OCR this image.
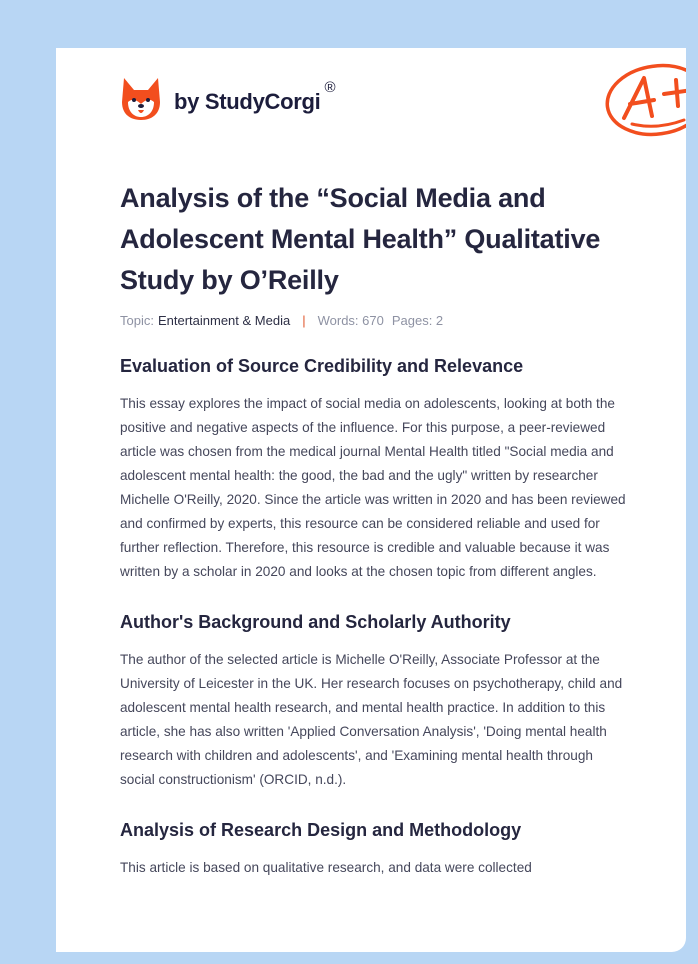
by StudyCorgi
®
Analysis of the “Social Media and Adolescent Mental Health” Qualitative Study by O’Reilly
Topic: Entertainment & Media | Words: 670 Pages: 2
Evaluation of Source Credibility and Relevance

This essay explores the impact of social media on adolescents, looking at both the positive and negative aspects of the influence. For this purpose, a peer-reviewed article was chosen from the medical journal Mental Health titled "Social media and adolescent mental health: the good, the bad and the ugly" written by researcher Michelle O'Reilly, 2020. Since the article was written in 2020 and has been reviewed and confirmed by experts, this resource can be considered reliable and used for further reflection. Therefore, this resource is credible and valuable because it was written by a scholar in 2020 and looks at the chosen topic from different angles.

Author's Background and Scholarly Authority

The author of the selected article is Michelle O'Reilly, Associate Professor at the University of Leicester in the UK. Her research focuses on psychotherapy, child and adolescent mental health research, and mental health practice. In addition to this article, she has also written 'Applied Conversation Analysis', 'Doing mental health research with children and adolescents', and 'Examining mental health through social constructionism' (ORCID, n.d.).

Analysis of Research Design and Methodology

This article is based on qualitative research, and data were collected
